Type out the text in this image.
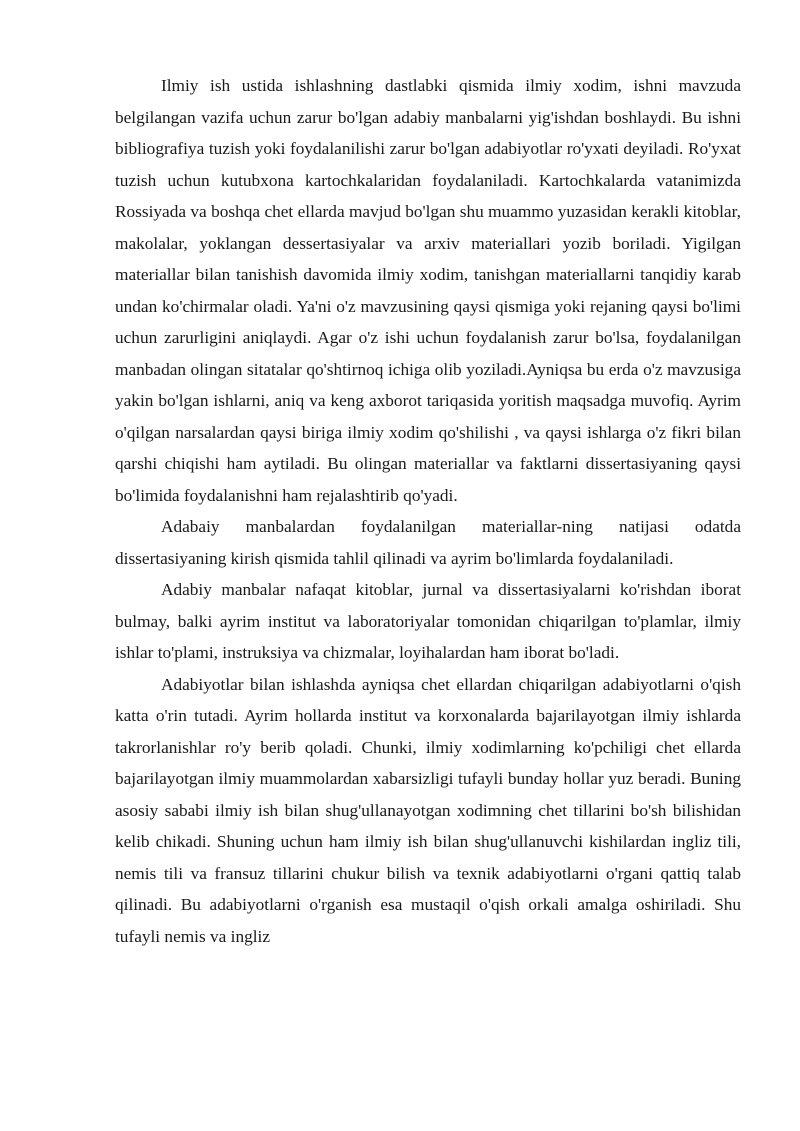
Ilmiy ish ustida ishlashning dastlabki qismida ilmiy xodim, ishni mavzuda belgilangan vazifa uchun zarur bo'lgan adabiy manbalarni yig'ishdan boshlaydi. Bu ishni bibliografiya tuzish yoki foydalanilishi zarur bo'lgan adabiyotlar ro'yxati deyiladi. Ro'yxat tuzish uchun kutubxona kartochkalaridan foydalaniladi. Kartochkalarda vatanimizda Rossiyada va boshqa chet ellarda mavjud bo'lgan shu muammo yuzasidan kerakli kitoblar, makolalar, yoklangan dessertasiyalar va arxiv materiallari yozib boriladi. Yigilgan materiallar bilan tanishish davomida ilmiy xodim, tanishgan materiallarni tanqidiy karab undan ko'chirmalar oladi. Ya'ni o'z mavzusining qaysi qismiga yoki rejaning qaysi bo'limi uchun zarurligini aniqlaydi. Agar o'z ishi uchun foydalanish zarur bo'lsa, foydalanilgan manbadan olingan sitatalar qo'shtirnoq ichiga olib yoziladi.Ayniqsa bu erda o'z mavzusiga yakin bo'lgan ishlarni, aniq va keng axborot tariqasida yoritish maqsadga muvofiq. Ayrim o'qilgan narsalardan qaysi biriga ilmiy xodim qo'shilishi , va qaysi ishlarga o'z fikri bilan qarshi chiqishi ham aytiladi. Bu olingan materiallar va faktlarni dissertasiyaning qaysi bo'limida foydalanishni ham rejalashtirib qo'yadi.

Adabaiy manbalardan foydalanilgan materiallar-ning natijasi odatda dissertasiyaning kirish qismida tahlil qilinadi va ayrim bo'limlarda foydalaniladi.

Adabiy manbalar nafaqat kitoblar, jurnal va dissertasiyalarni ko'rishdan iborat bulmay, balki ayrim institut va laboratoriyalar tomonidan chiqarilgan to'plamlar, ilmiy ishlar to'plami, instruksiya va chizmalar, loyihalardan ham iborat bo'ladi.

Adabiyotlar bilan ishlashda ayniqsa chet ellardan chiqarilgan adabiyotlarni o'qish katta o'rin tutadi. Ayrim hollarda institut va korxonalarda bajarilayotgan ilmiy ishlarda takrorlanishlar ro'y berib qoladi. Chunki, ilmiy xodimlarning ko'pchiligi chet ellarda bajarilayotgan ilmiy muammolardan xabarsizligi tufayli bunday hollar yuz beradi. Buning asosiy sababi ilmiy ish bilan shug'ullanayotgan xodimning chet tillarini bo'sh bilishidan kelib chikadi. Shuning uchun ham ilmiy ish bilan shug'ullanuvchi kishilardan ingliz tili, nemis tili va fransuz tillarini chukur bilish va texnik adabiyotlarni o'rgani qattiq talab qilinadi. Bu adabiyotlarni o'rganish esa mustaqil o'qish orkali amalga oshiriladi. Shu tufayli nemis va ingliz
